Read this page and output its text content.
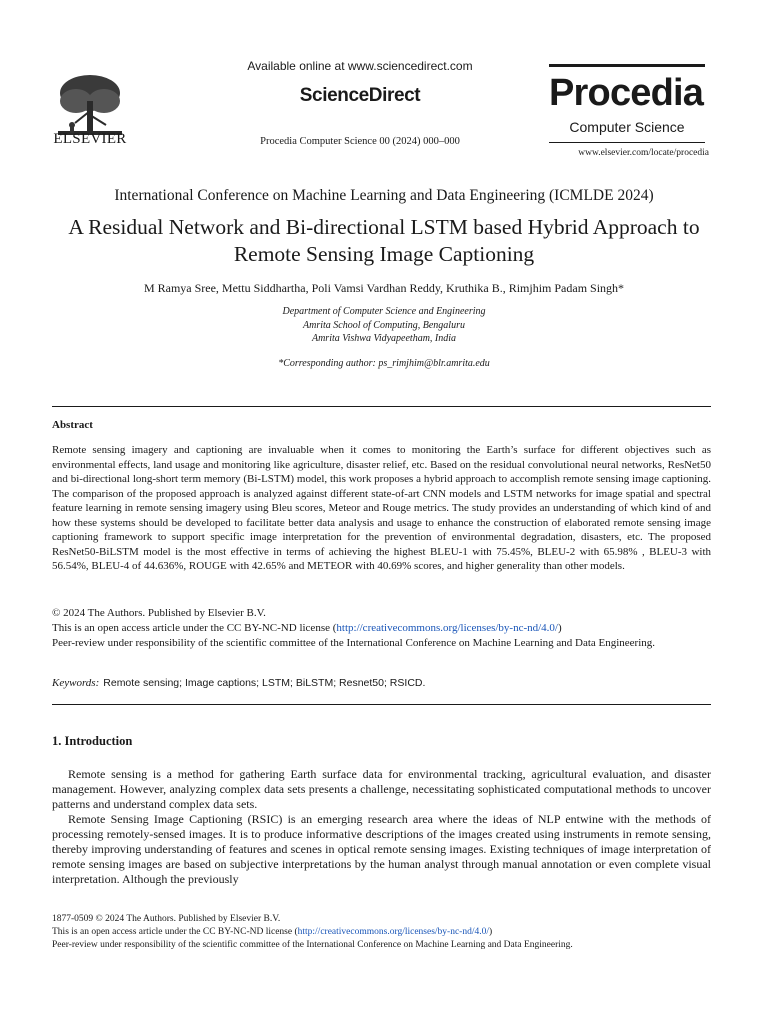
ELSEVIER
Available online at www.sciencedirect.com
ScienceDirect
Procedia Computer Science 00 (2024) 000–000
Procedia
Computer Science
www.elsevier.com/locate/procedia
International Conference on Machine Learning and Data Engineering (ICMLDE 2024)
A Residual Network and Bi-directional LSTM based Hybrid Approach to Remote Sensing Image Captioning
M Ramya Sree, Mettu Siddhartha, Poli Vamsi Vardhan Reddy, Kruthika B., Rimjhim Padam Singh*
Department of Computer Science and Engineering
Amrita School of Computing, Bengaluru
Amrita Vishwa Vidyapeetham, India
*Corresponding author: ps_rimjhim@blr.amrita.edu
Abstract
Remote sensing imagery and captioning are invaluable when it comes to monitoring the Earth’s surface for different objectives such as environmental effects, land usage and monitoring like agriculture, disaster relief, etc. Based on the residual convolutional neural networks, ResNet50 and bi-directional long-short term memory (Bi-LSTM) model, this work proposes a hybrid approach to accomplish remote sensing image captioning. The comparison of the proposed approach is analyzed against different state-of-art CNN models and LSTM networks for image spatial and spectral feature learning in remote sensing imagery using Bleu scores, Meteor and Rouge metrics. The study provides an understanding of which kind of and how these systems should be developed to facilitate better data analysis and usage to enhance the construction of elaborated remote sensing image captioning framework to support specific image interpretation for the prevention of environmental degradation, disasters, etc. The proposed ResNet50-BiLSTM model is the most effective in terms of achieving the highest BLEU-1 with 75.45%, BLEU-2 with 65.98% , BLEU-3 with 56.54%, BLEU-4 of 44.636%, ROUGE with 42.65% and METEOR with 40.69% scores, and higher generality than other models.
© 2024 The Authors. Published by Elsevier B.V.
This is an open access article under the CC BY-NC-ND license (http://creativecommons.org/licenses/by-nc-nd/4.0/)
Peer-review under responsibility of the scientific committee of the International Conference on Machine Learning and Data Engineering.
Keywords: Remote sensing; Image captions; LSTM; BiLSTM; Resnet50; RSICD.
1. Introduction

Remote sensing is a method for gathering Earth surface data for environmental tracking, agricultural evaluation, and disaster management. However, analyzing complex data sets presents a challenge, necessitating sophisticated computational methods to uncover patterns and understand complex data sets.

Remote Sensing Image Captioning (RSIC) is an emerging research area where the ideas of NLP entwine with the methods of processing remotely-sensed images. It is to produce informative descriptions of the images created using instruments in remote sensing, thereby improving understanding of features and scenes in optical remote sensing images. Existing techniques of image interpretation of remote sensing images are based on subjective interpretations by the human analyst through manual annotation or even complete visual interpretation. Although the previously

1877-0509 © 2024 The Authors. Published by Elsevier B.V.
This is an open access article under the CC BY-NC-ND license (http://creativecommons.org/licenses/by-nc-nd/4.0/)
Peer-review under responsibility of the scientific committee of the International Conference on Machine Learning and Data Engineering.
